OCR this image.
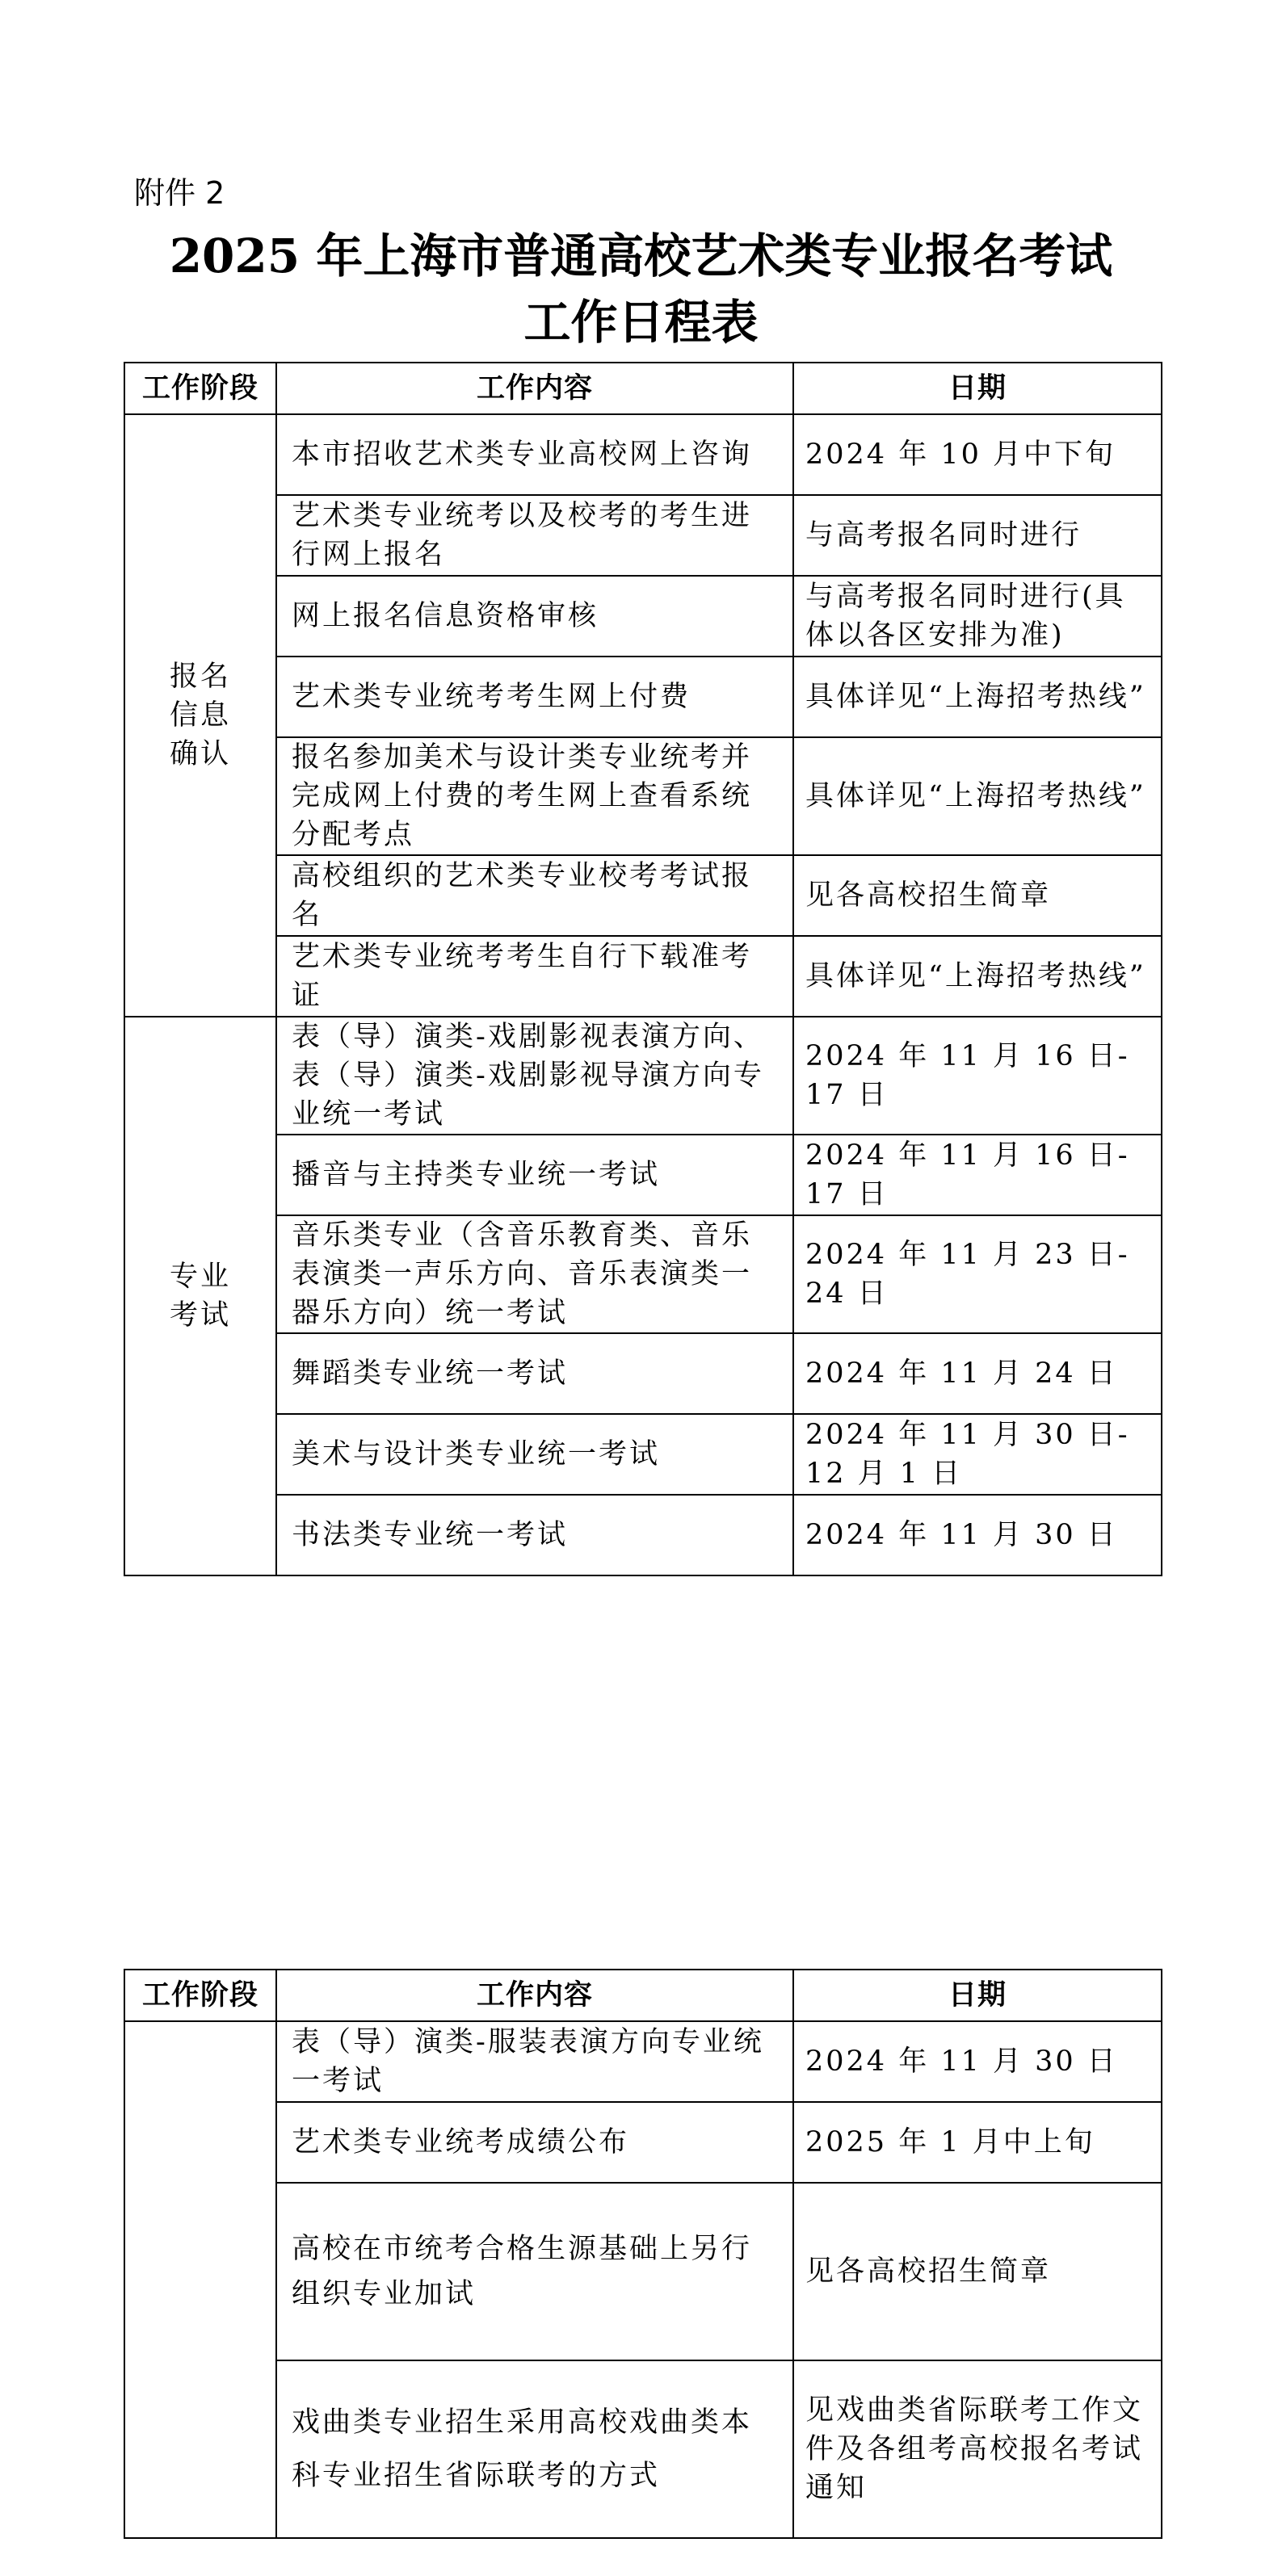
附件 2
2025 年上海市普通高校艺术类专业报名考试
工作日程表
工作阶段	工作内容	日期

报名
信息
确认	本市招收艺术类专业高校网上咨询	2024 年 10 月中下旬
	艺术类专业统考以及校考的考生进行网上报名	与高考报名同时进行
	网上报名信息资格审核	与高考报名同时进行(具体以各区安排为准)
	艺术类专业统考考生网上付费	具体详见“上海招考热线”
	报名参加美术与设计类专业统考并完成网上付费的考生网上查看系统分配考点	具体详见“上海招考热线”
	高校组织的艺术类专业校考考试报名	见各高校招生简章
	艺术类专业统考考生自行下载准考证	具体详见“上海招考热线”

专业
考试	表（导）演类-戏剧影视表演方向、表（导）演类-戏剧影视导演方向专业统一考试	2024 年 11 月 16 日-17 日
	播音与主持类专业统一考试	2024 年 11 月 16 日-17 日
	音乐类专业（含音乐教育类、音乐表演类一声乐方向、音乐表演类一器乐方向）统一考试	2024 年 11 月 23 日-24 日
	舞蹈类专业统一考试	2024 年 11 月 24 日
	美术与设计类专业统一考试	2024 年 11 月 30 日-12 月 1 日
	书法类专业统一考试	2024 年 11 月 30 日
工作阶段	工作内容	日期
	表（导）演类-服装表演方向专业统一考试	2024 年 11 月 30 日
	艺术类专业统考成绩公布	2025 年 1 月中上旬
	高校在市统考合格生源基础上另行组织专业加试	见各高校招生简章
	戏曲类专业招生采用高校戏曲类本科专业招生省际联考的方式	见戏曲类省际联考工作文件及各组考高校报名考试通知
